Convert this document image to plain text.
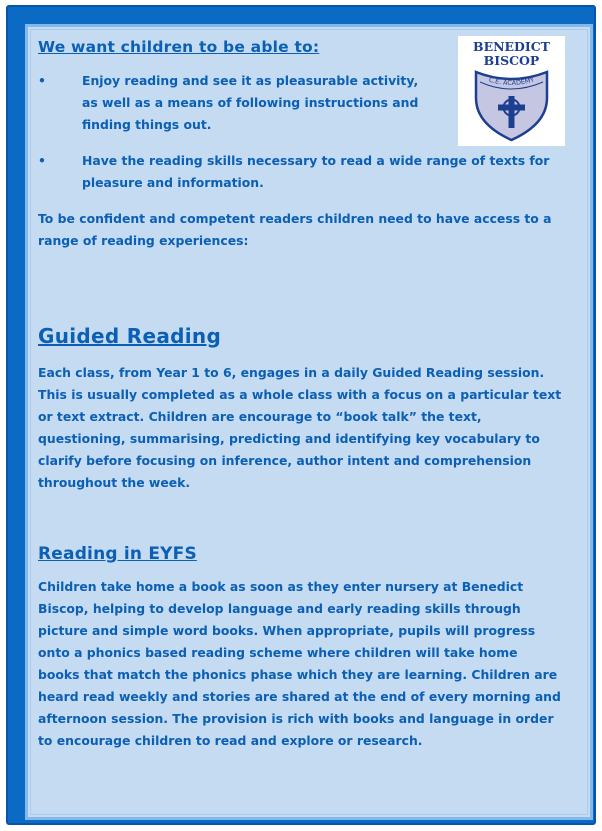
BENEDICT
BISCOP
C.E. ACADEMY
We want children to be able to:
•	Enjoy reading and see it as pleasurable activity, as well as a means of following instructions and finding things out.
•	Have the reading skills necessary to read a wide range of texts for pleasure and information.

To be confident and competent readers children need to have access to a range of reading experiences:

Guided Reading

Each class, from Year 1 to 6, engages in a daily Guided Reading session. This is usually completed as a whole class with a focus on a particular text or text extract. Children are encourage to “book talk” the text, questioning, summarising, predicting and identifying key vocabulary to clarify before focusing on inference, author intent and comprehension throughout the week.

Reading in EYFS

Children take home a book as soon as they enter nursery at Benedict Biscop, helping to develop language and early reading skills through picture and simple word books. When appropriate, pupils will progress onto a phonics based reading scheme where children will take home books that match the phonics phase which they are learning. Children are heard read weekly and stories are shared at the end of every morning and afternoon session. The provision is rich with books and language in order to encourage children to read and explore or research.
